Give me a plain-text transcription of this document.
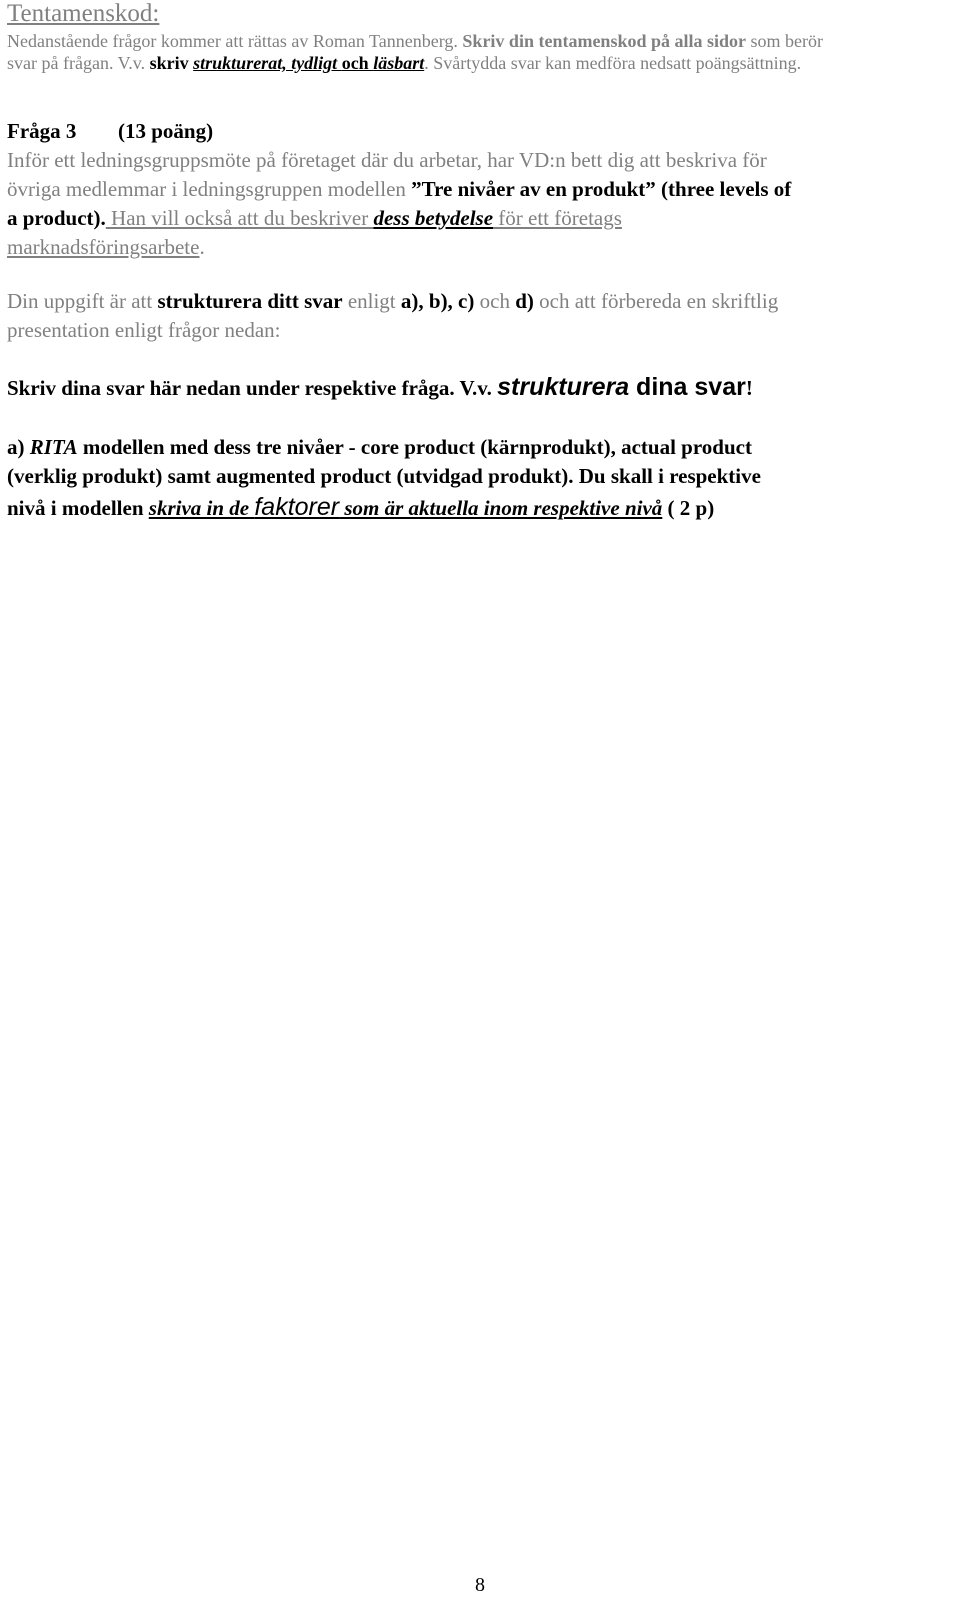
Tentamenskod:
Nedanstående frågor kommer att rättas av Roman Tannenberg. Skriv din tentamenskod på alla sidor som berör
svar på frågan. V.v. skriv strukturerat, tydligt och läsbart. Svårtydda svar kan medföra nedsatt poängsättning.
Fråga 3 (13 poäng)
Inför ett ledningsgruppsmöte på företaget där du arbetar, har VD:n bett dig att beskriva för
övriga medlemmar i ledningsgruppen modellen ”Tre nivåer av en produkt” (three levels of
a product). Han vill också att du beskriver dess betydelse för ett företags
marknadsföringsarbete.
Din uppgift är att strukturera ditt svar enligt a), b), c) och d) och att förbereda en skriftlig
presentation enligt frågor nedan:
Skriv dina svar här nedan under respektive fråga. V.v. strukturera dina svar!
a) RITA modellen med dess tre nivåer - core product (kärnprodukt), actual product
(verklig produkt) samt augmented product (utvidgad produkt). Du skall i respektive
nivå i modellen skriva in de faktorer som är aktuella inom respektive nivå ( 2 p)
8
